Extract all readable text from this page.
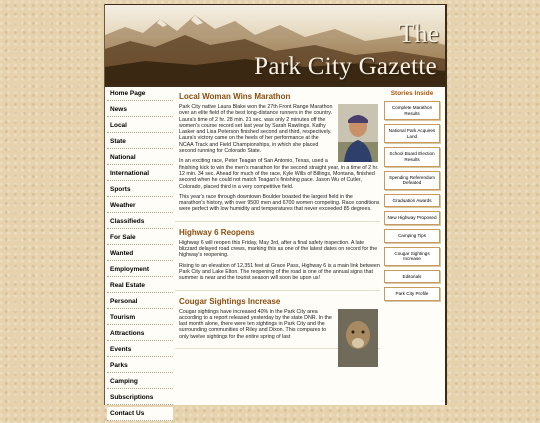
The
Park City Gazette
Home Page
News
Local
State
National
International
Sports
Weather
Classifieds
For Sale
Wanted
Employment
Real Estate
Personal
Tourism
Attractions
Events
Parks
Camping
Subscriptions
Contact Us
Local Woman Wins Marathon

Park City native Laura Blake won the 27th Front Range Marathon over an elite field of the best long-distance runners in the country. Laura's time of 2 hr. 28 min. 21 sec. was only 2 minutes off the women's course record set last year by Sarah Rawlings. Kathy Lasker and Lisa Peterson finished second and third, respectively. Laura's victory came on the heels of her performance at the NCAA Track and Field Championships, in which she placed second running for Colorado State.

In an exciting race, Peter Teagan of San Antonio, Texas, used a finishing kick to win the men's marathon for the second straight year, in a time of 2 hr. 12 min. 34 sec. Ahead for much of the race, Kyle Wills of Billings, Montana, finished second when he could not match Teagan's finishing pace. Jason Wu of Cutler, Colorado, placed third in a very competitive field.

This year's race through downtown Boulder boasted the largest field in the marathon's history, with over 9500 men and 6700 women competing. Race conditions were perfect with low humidity and temperatures that never exceeded 85 degrees.

Highway 6 Reopens

Highway 6 will reopen this Friday, May 3rd, after a final safety inspection. A late blizzard delayed road crews, marking this as one of the latest dates on record for the highway's reopening.

Rising to an elevation of 12,351 feet at Grace Pass, Highway 6 is a main link between Park City and Lake Elton. The reopening of the road is one of the annual signs that summer is near and the tourist season will soon be upon us!

Cougar Sightings Increase

Cougar sightings have increased 40% in the Park City area according to a report released yesterday by the state DNR. In the last month alone, there were ten sightings in Park City and the surrounding communities of Riley and Dixon. This compares to only twelve sightings for the entire spring of last

Stories Inside
Complete Marathon Results
National Park Acquires Land
School Board Election Results
Spending Referendum Defeated
Graduation Awards
New Highway Proposed
Camping Tips
Cougar Sightings Increase
Editorials
Park City Profile
